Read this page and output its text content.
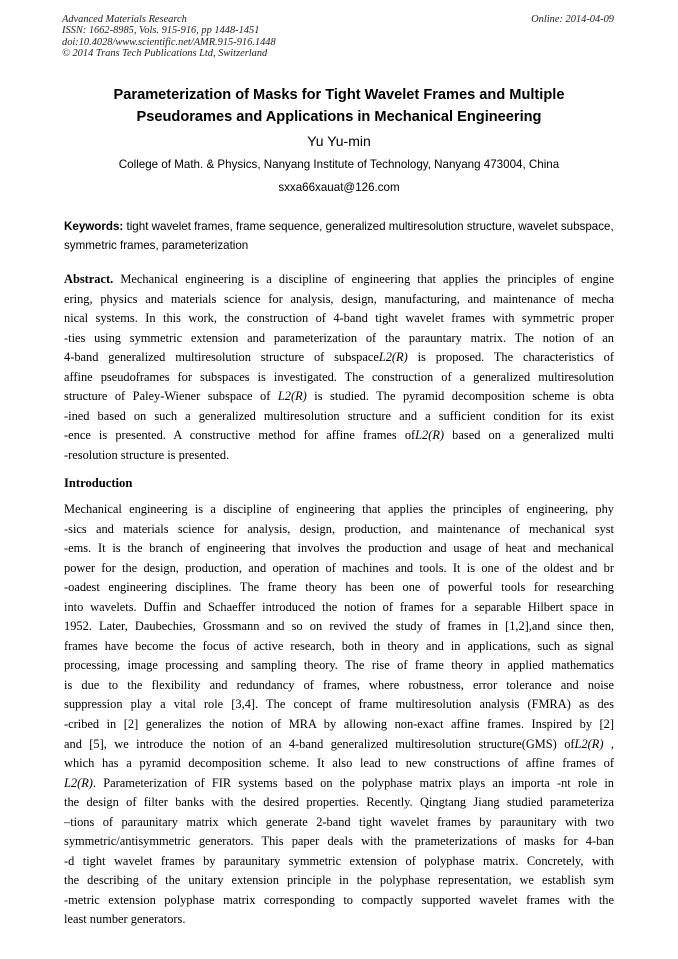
Advanced Materials Research
ISSN: 1662-8985, Vols. 915-916, pp 1448-1451
doi:10.4028/www.scientific.net/AMR.915-916.1448
© 2014 Trans Tech Publications Ltd, Switzerland
Online: 2014-04-09
Parameterization of Masks for Tight Wavelet Frames and Multiple
Pseudorames and Applications in Mechanical Engineering
Yu Yu-min
College of Math. & Physics, Nanyang Institute of Technology, Nanyang 473004, China
sxxa66xauat@126.com
Keywords: tight wavelet frames, frame sequence, generalized multiresolution structure, wavelet subspace, symmetric frames, parameterization
Abstract. Mechanical engineering is a discipline of engineering that applies the principles of engine
ering, physics and materials science for analysis, design, manufacturing, and maintenance of mecha
nical systems. In this work, the construction of 4-band tight wavelet frames with symmetric proper
-ties using symmetric extension and parameterization of the parauntary matrix. The notion of an
4-band generalized multiresolution structure of subspaceL2(R) is proposed. The characteristics of
affine pseudoframes for subspaces is investigated. The construction of a generalized multiresolution
structure of Paley-Wiener subspace of L2(R) is studied. The pyramid decomposition scheme is obta
-ined based on such a generalized multiresolution structure and a sufficient condition for its exist
-ence is presented. A constructive method for affine frames ofL2(R) based on a generalized multi
-resolution structure is presented.
Introduction
Mechanical engineering is a discipline of engineering that applies the principles of engineering, phy
-sics and materials science for analysis, design, production, and maintenance of mechanical syst
-ems. It is the branch of engineering that involves the production and usage of heat and mechanical
power for the design, production, and operation of machines and tools. It is one of the oldest and br
-oadest engineering disciplines. The frame theory has been one of powerful tools for researching
into wavelets. Duffin and Schaeffer introduced the notion of frames for a separable Hilbert space in
1952. Later, Daubechies, Grossmann and so on revived the study of frames in [1,2],and since then,
frames have become the focus of active research, both in theory and in applications, such as signal
processing, image processing and sampling theory. The rise of frame theory in applied mathematics
is due to the flexibility and redundancy of frames, where robustness, error tolerance and noise
suppression play a vital role [3,4]. The concept of frame multiresolution analysis (FMRA) as des
-cribed in [2] generalizes the notion of MRA by allowing non-exact affine frames. Inspired by [2]
and [5], we introduce the notion of an 4-band generalized multiresolution structure(GMS) ofL2(R) ,
which has a pyramid decomposition scheme. It also lead to new constructions of affine frames of
L2(R). Parameterization of FIR systems based on the polyphase matrix plays an importa -nt role in
the design of filter banks with the desired properties. Recently. Qingtang Jiang studied parameteriza
–tions of paraunitary matrix which generate 2-band tight wavelet frames by paraunitary with two
symmetric/antisymmetric generators. This paper deals with the prameterizations of masks for 4-ban
-d tight wavelet frames by paraunitary symmetric extension of polyphase matrix. Concretely, with
the describing of the unitary extension principle in the polyphase representation, we establish sym
-metric extension polyphase matrix corresponding to compactly supported wavelet frames with the
least number generators.
